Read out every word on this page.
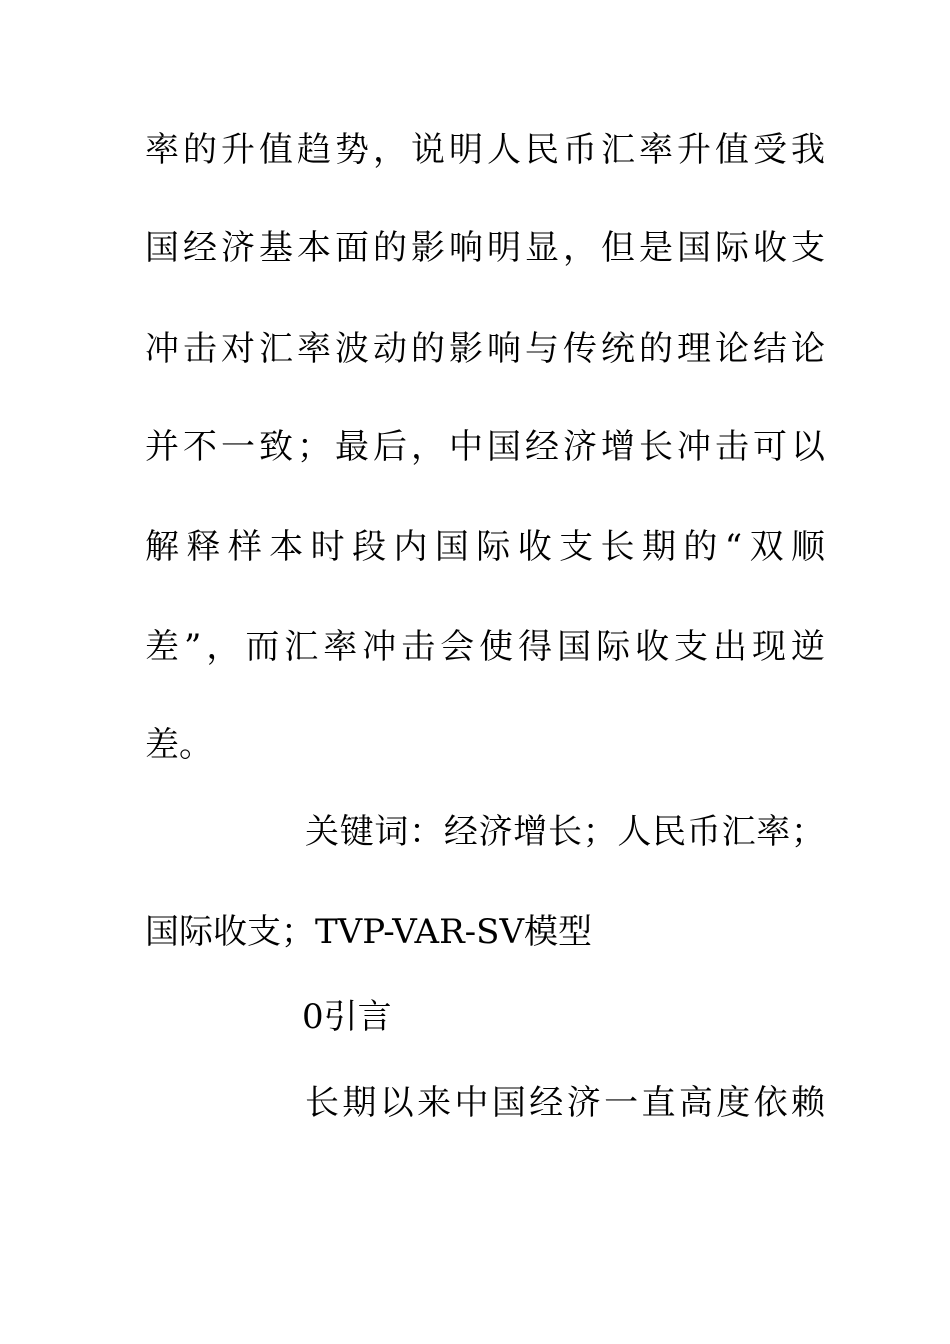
率的升值趋势，说明人民币汇率升值受我
国经济基本面的影响明显，但是国际收支
冲击对汇率波动的影响与传统的理论结论
并不一致；最后，中国经济增长冲击可以
解释样本时段内国际收支长期的“双顺
差”，而汇率冲击会使得国际收支出现逆
差。
关键词：经济增长；人民币汇率；
国际收支；TVP-VAR-SV模型
0引言
长期以来中国经济一直高度依赖
